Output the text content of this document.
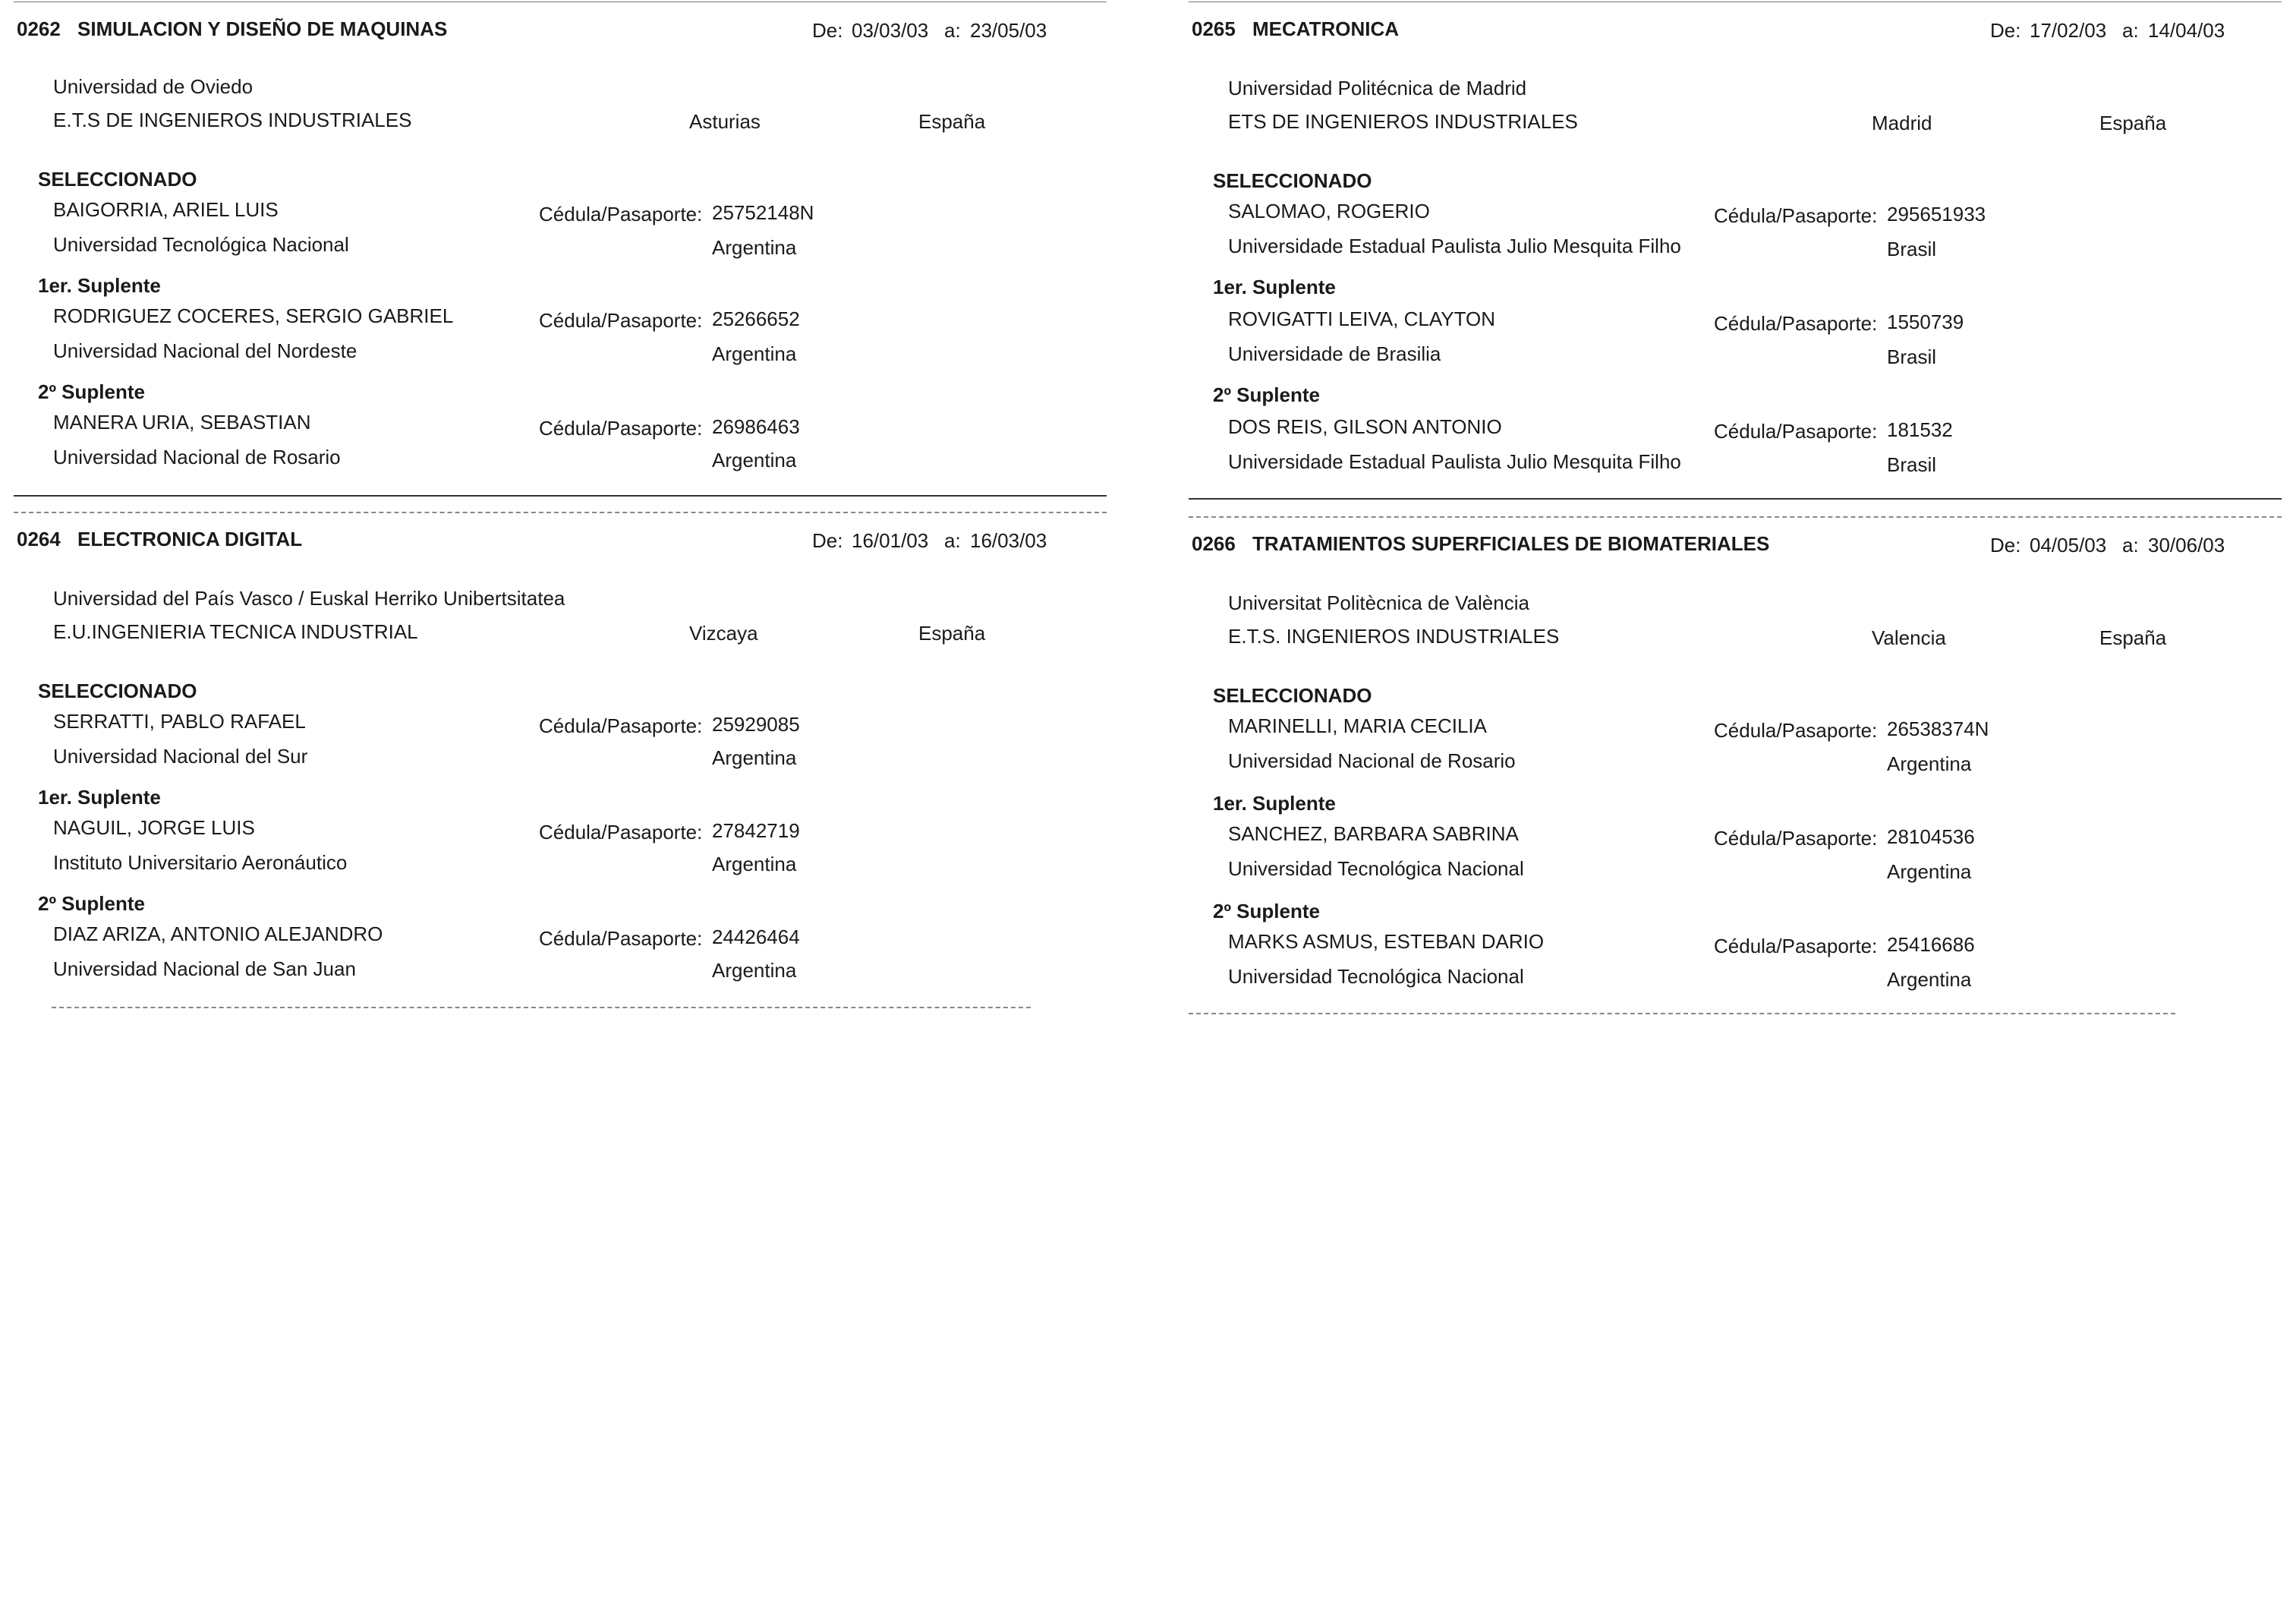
0262 SIMULACION Y DISEÑO DE MAQUINAS	De: 03/03/03 a: 23/05/03
Universidad de Oviedo
E.T.S DE INGENIEROS INDUSTRIALES	Asturias	España
SELECCIONADO
BAIGORRIA, ARIEL LUIS	Cédula/Pasaporte: 25752148N
Universidad Tecnológica Nacional	Argentina
1er. Suplente
RODRIGUEZ COCERES, SERGIO GABRIEL	Cédula/Pasaporte: 25266652
Universidad Nacional del Nordeste	Argentina
2º Suplente
MANERA URIA, SEBASTIAN	Cédula/Pasaporte: 26986463
Universidad Nacional de Rosario	Argentina
0265 MECATRONICA	De: 17/02/03 a: 14/04/03
Universidad Politécnica de Madrid
ETS DE INGENIEROS INDUSTRIALES	Madrid	España
SELECCIONADO
SALOMAO, ROGERIO	Cédula/Pasaporte: 295651933
Universidade Estadual Paulista Julio Mesquita Filho	Brasil
1er. Suplente
ROVIGATTI LEIVA, CLAYTON	Cédula/Pasaporte: 1550739
Universidade de Brasilia	Brasil
2º Suplente
DOS REIS, GILSON ANTONIO	Cédula/Pasaporte: 181532
Universidade Estadual Paulista Julio Mesquita Filho	Brasil
0264 ELECTRONICA DIGITAL	De: 16/01/03 a: 16/03/03
Universidad del País Vasco / Euskal Herriko Unibertsitatea
E.U.INGENIERIA TECNICA INDUSTRIAL	Vizcaya	España
SELECCIONADO
SERRATTI, PABLO RAFAEL	Cédula/Pasaporte: 25929085
Universidad Nacional del Sur	Argentina
1er. Suplente
NAGUIL, JORGE LUIS	Cédula/Pasaporte: 27842719
Instituto Universitario Aeronáutico	Argentina
2º Suplente
DIAZ ARIZA, ANTONIO ALEJANDRO	Cédula/Pasaporte: 24426464
Universidad Nacional de San Juan	Argentina
0266 TRATAMIENTOS SUPERFICIALES DE BIOMATERIALES	De: 04/05/03 a: 30/06/03
Universitat Politècnica de València
E.T.S. INGENIEROS INDUSTRIALES	Valencia	España
SELECCIONADO
MARINELLI, MARIA CECILIA	Cédula/Pasaporte: 26538374N
Universidad Nacional de Rosario	Argentina
1er. Suplente
SANCHEZ, BARBARA SABRINA	Cédula/Pasaporte: 28104536
Universidad Tecnológica Nacional	Argentina
2º Suplente
MARKS ASMUS, ESTEBAN DARIO	Cédula/Pasaporte: 25416686
Universidad Tecnológica Nacional	Argentina
